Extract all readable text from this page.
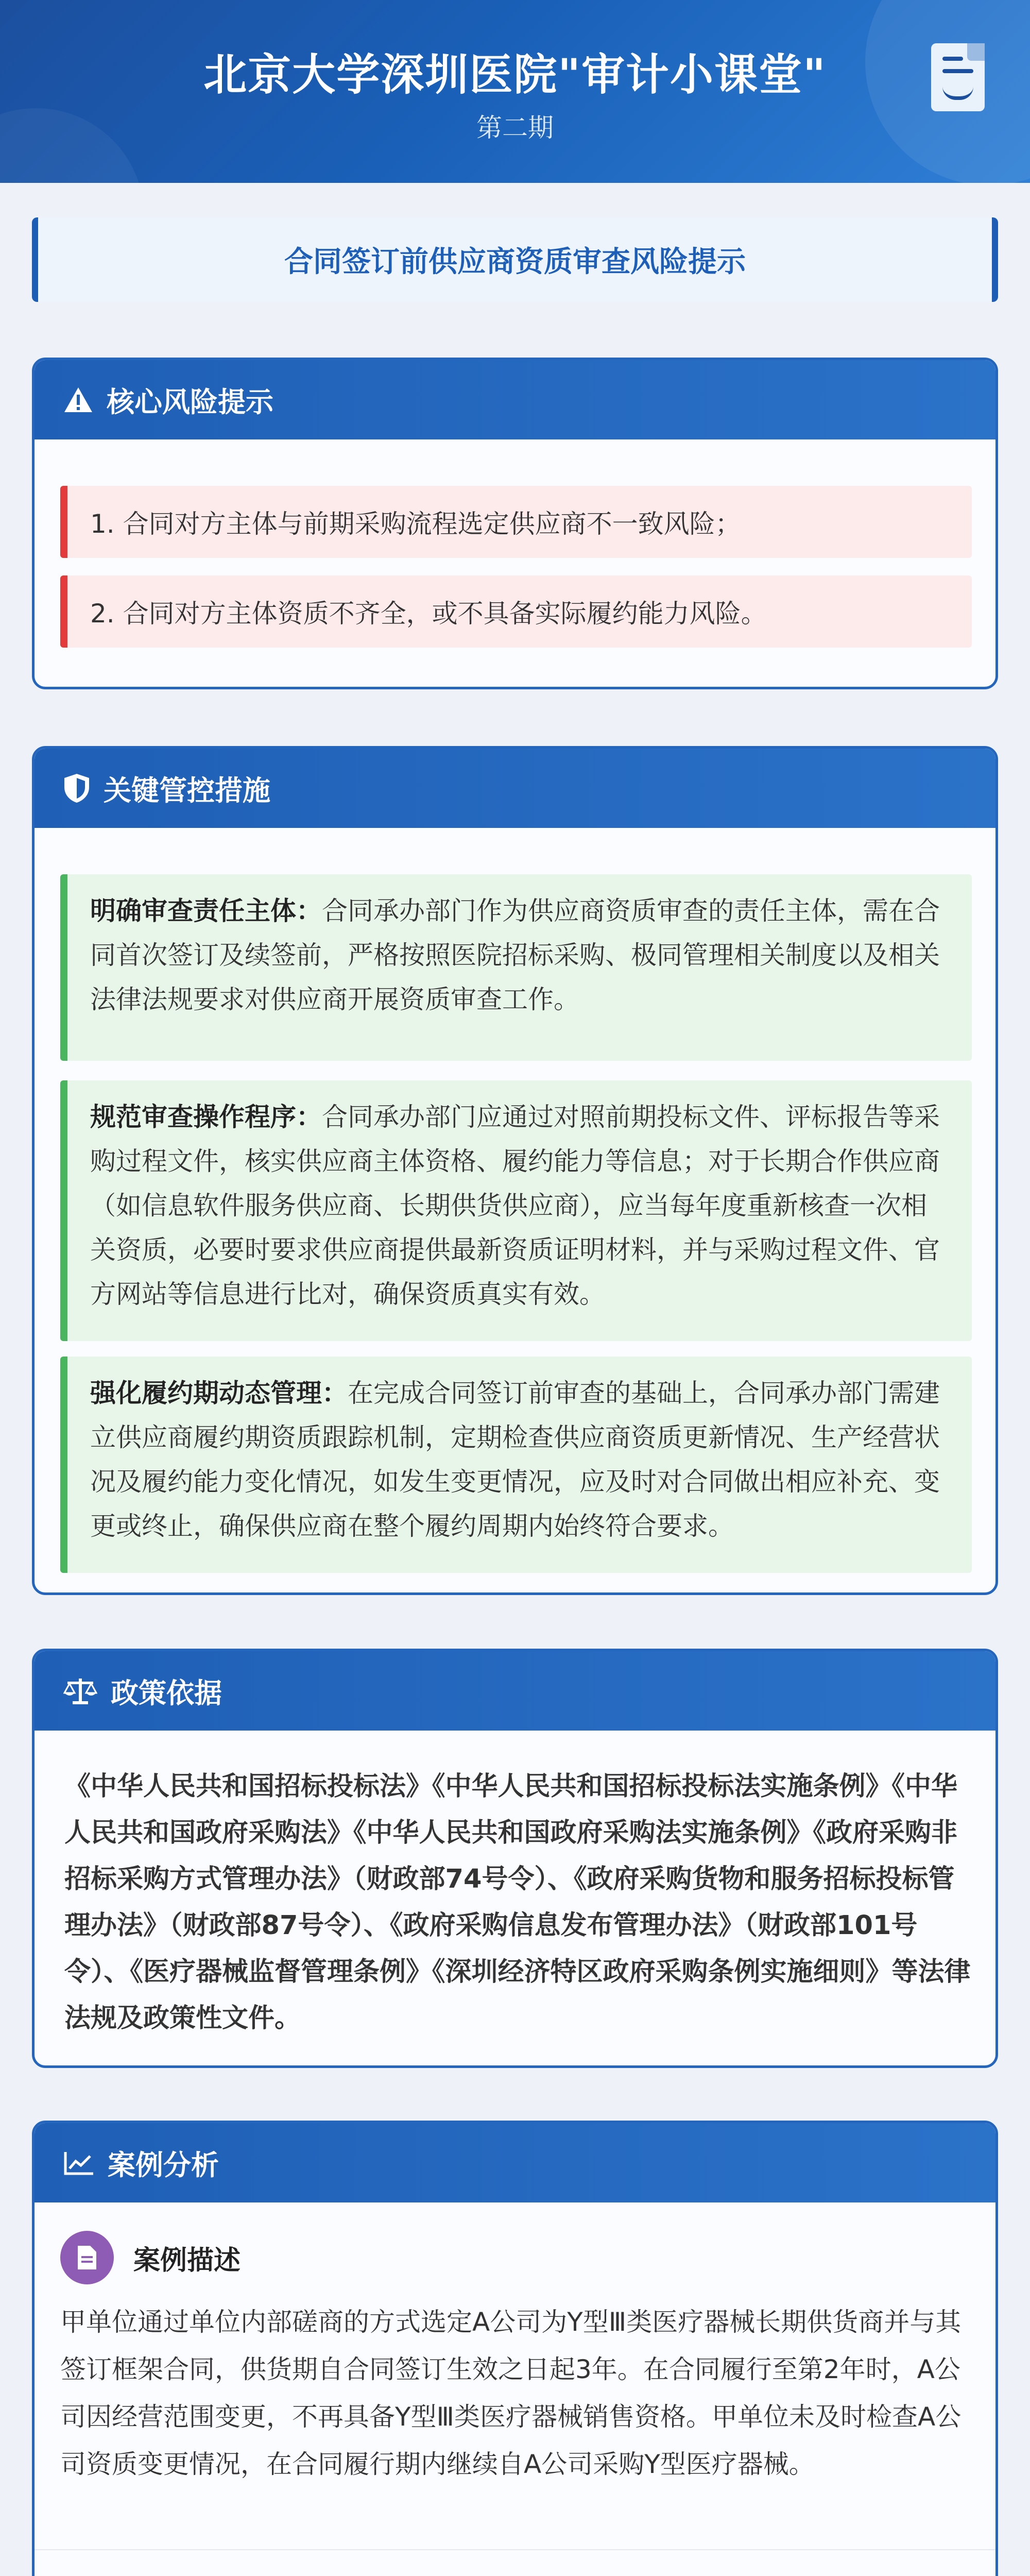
北京大学深圳医院"审计小课堂"
第二期
合同签订前供应商资质审查风险提示
核心风险提示
1. 合同对方主体与前期采购流程选定供应商不一致风险；
2. 合同对方主体资质不齐全，或不具备实际履约能力风险。
关键管控措施
明确审查责任主体：合同承办部门作为供应商资质审查的责任主体，需在合同首次签订及续签前，严格按照医院招标采购、极同管理相关制度以及相关法律法规要求对供应商开展资质审查工作。
规范审查操作程序：合同承办部门应通过对照前期投标文件、评标报告等采购过程文件，核实供应商主体资格、履约能力等信息；对于长期合作供应商（如信息软件服务供应商、长期供货供应商），应当每年度重新核查一次相关资质，必要时要求供应商提供最新资质证明材料，并与采购过程文件、官方网站等信息进行比对，确保资质真实有效。
强化履约期动态管理：在完成合同签订前审查的基础上，合同承办部门需建立供应商履约期资质跟踪机制，定期检查供应商资质更新情况、生产经营状况及履约能力变化情况，如发生变更情况，应及时对合同做出相应补充、变更或终止，确保供应商在整个履约周期内始终符合要求。
政策依据
《中华人民共和国招标投标法》《中华人民共和国招标投标法实施条例》《中华人民共和国政府采购法》《中华人民共和国政府采购法实施条例》《政府采购非招标采购方式管理办法》（财政部74号令）、《政府采购货物和服务招标投标管理办法》（财政部87号令）、《政府采购信息发布管理办法》（财政部101号令）、《医疗器械监督管理条例》《深圳经济特区政府采购条例实施细则》等法律法规及政策性文件。
案例分析
案例描述
甲单位通过单位内部磋商的方式选定A公司为Y型Ⅲ类医疗器械长期供货商并与其签订框架合同，供货期自合同签订生效之日起3年。在合同履行至第2年时，A公司因经营范围变更，不再具备Y型Ⅲ类医疗器械销售资格。甲单位未及时检查A公司资质变更情况，在合同履行期内继续自A公司采购Y型医疗器械。
